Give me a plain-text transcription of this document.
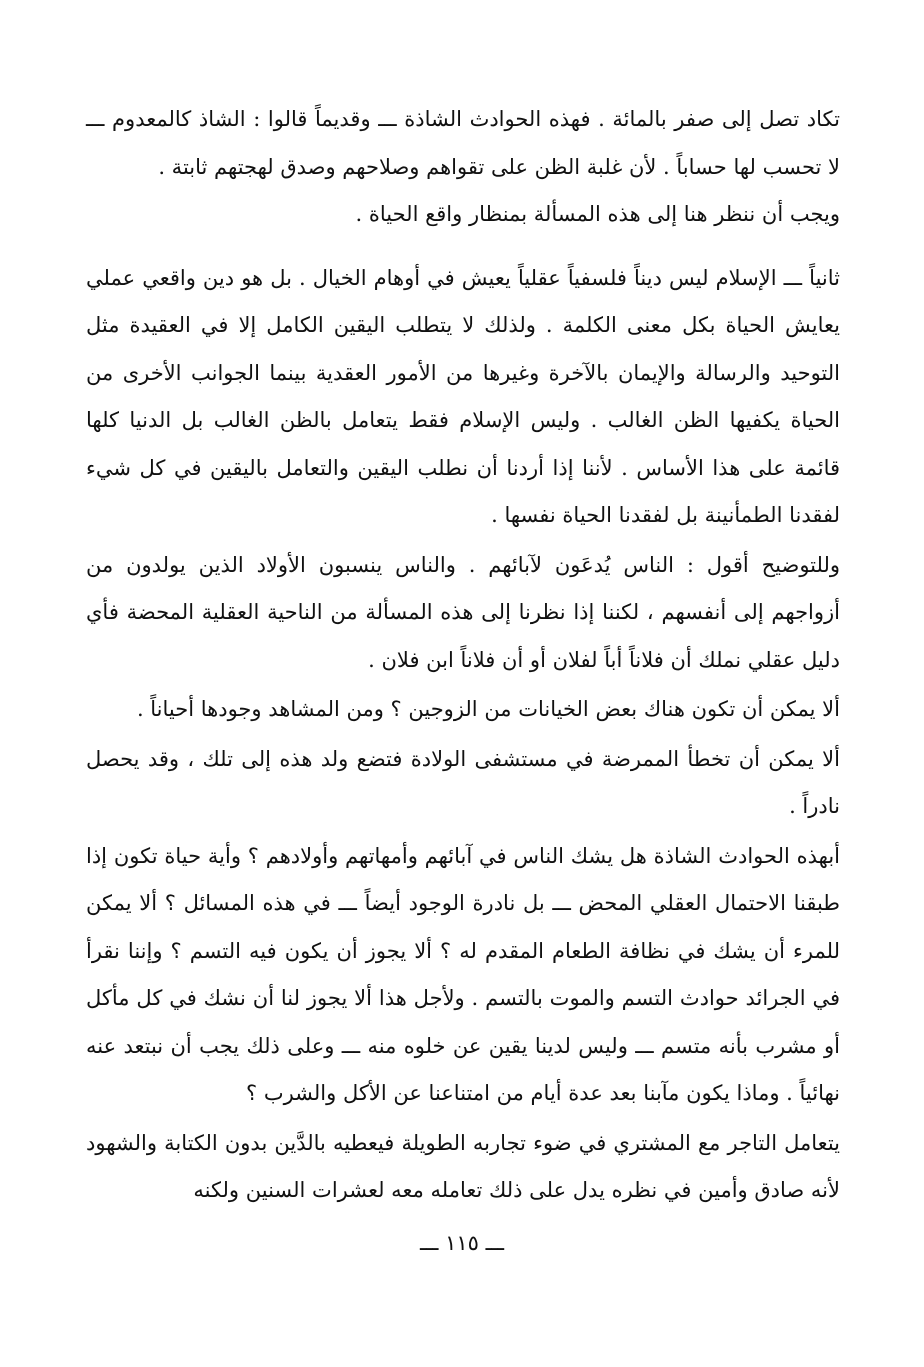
تكاد تصل إلى صفر بالمائة . فهذه الحوادث الشاذة ـــ وقديماً قالوا : الشاذ كالمعدوم ـــ لا تحسب لها حساباً . لأن غلبة الظن على تقواهم وصلاحهم وصدق لهجتهم ثابتة .

ويجب أن ننظر هنا إلى هذه المسألة بمنظار واقع الحياة .

ثانياً ـــ الإسلام ليس ديناً فلسفياً عقلياً يعيش في أوهام الخيال . بل هو دين واقعي عملي يعايش الحياة بكل معنى الكلمة . ولذلك لا يتطلب اليقين الكامل إلا في العقيدة مثل التوحيد والرسالة والإيمان بالآخرة وغيرها من الأمور العقدية بينما الجوانب الأخرى من الحياة يكفيها الظن الغالب . وليس الإسلام فقط يتعامل بالظن الغالب بل الدنيا كلها قائمة على هذا الأساس . لأننا إذا أردنا أن نطلب اليقين والتعامل باليقين في كل شيء لفقدنا الطمأنينة بل لفقدنا الحياة نفسها .

وللتوضيح أقول : الناس يُدعَون لآبائهم . والناس ينسبون الأولاد الذين يولدون من أزواجهم إلى أنفسهم ، لكننا إذا نظرنا إلى هذه المسألة من الناحية العقلية المحضة فأي دليل عقلي نملك أن فلاناً أباً لفلان أو أن فلاناً ابن فلان .

ألا يمكن أن تكون هناك بعض الخيانات من الزوجين ؟ ومن المشاهد وجودها أحياناً .

ألا يمكن أن تخطأ الممرضة في مستشفى الولادة فتضع ولد هذه إلى تلك ، وقد يحصل نادراً .

أبهذه الحوادث الشاذة هل يشك الناس في آبائهم وأمهاتهم وأولادهم ؟ وأية حياة تكون إذا طبقنا الاحتمال العقلي المحض ـــ بل نادرة الوجود أيضاً ـــ في هذه المسائل ؟ ألا يمكن للمرء أن يشك في نظافة الطعام المقدم له ؟ ألا يجوز أن يكون فيه التسم ؟ وإننا نقرأ في الجرائد حوادث التسم والموت بالتسم . ولأجل هذا ألا يجوز لنا أن نشك في كل مأكل أو مشرب بأنه متسم ـــ وليس لدينا يقين عن خلوه منه ـــ وعلى ذلك يجب أن نبتعد عنه نهائياً . وماذا يكون مآبنا بعد عدة أيام من امتناعنا عن الأكل والشرب ؟

يتعامل التاجر مع المشتري في ضوء تجاربه الطويلة فيعطيه بالدَّين بدون الكتابة والشهود لأنه صادق وأمين في نظره يدل على ذلك تعامله معه لعشرات السنين ولكنه

ـــ ١١٥ ـــ
